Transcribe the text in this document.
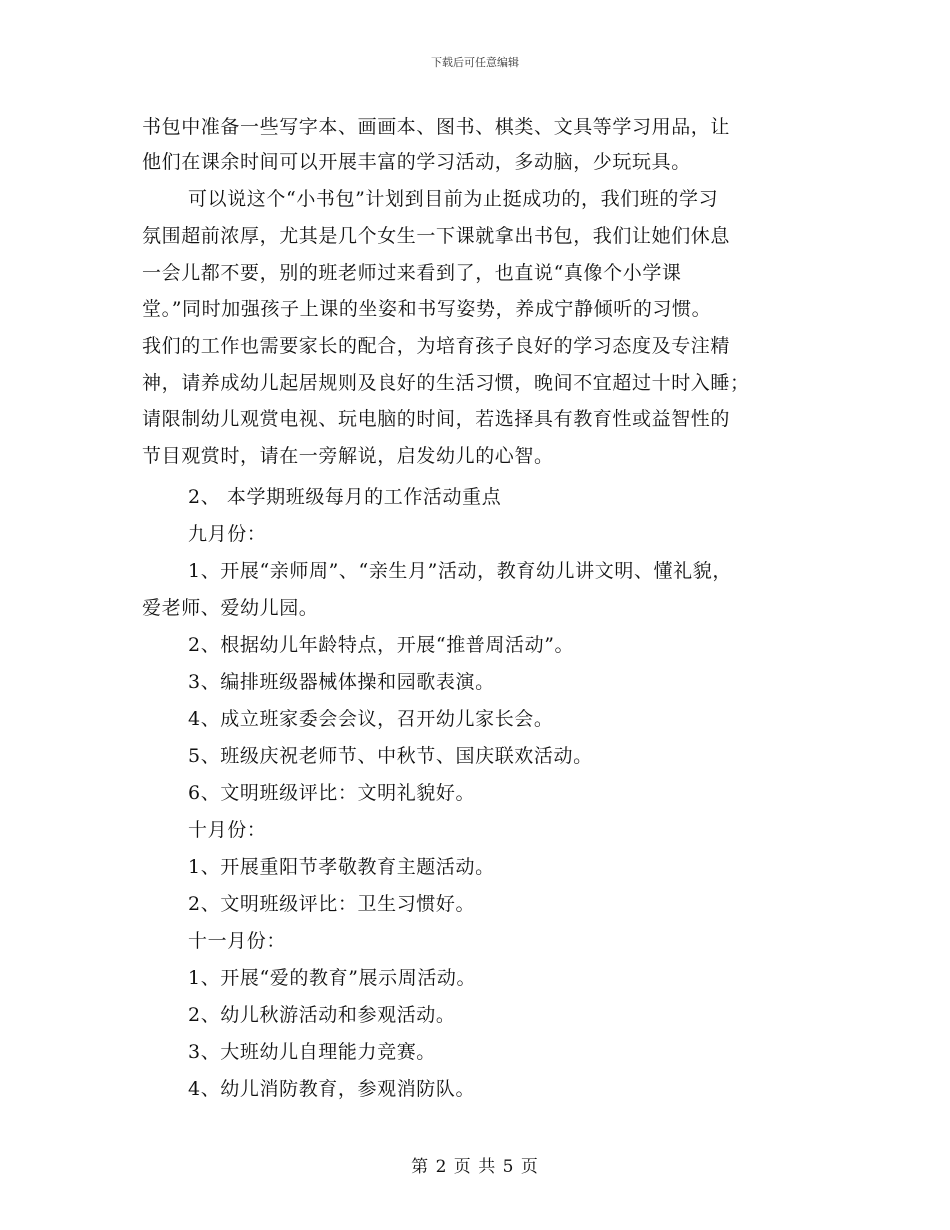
下载后可任意编辑
书包中准备一些写字本、画画本、图书、棋类、文具等学习用品，让
他们在课余时间可以开展丰富的学习活动，多动脑，少玩玩具。
可以说这个“小书包”计划到目前为止挺成功的，我们班的学习
氛围超前浓厚，尤其是几个女生一下课就拿出书包，我们让她们休息
一会儿都不要，别的班老师过来看到了，也直说“真像个小学课
堂。”同时加强孩子上课的坐姿和书写姿势，养成宁静倾听的习惯。
我们的工作也需要家长的配合，为培育孩子良好的学习态度及专注精
神，请养成幼儿起居规则及良好的生活习惯，晚间不宜超过十时入睡；
请限制幼儿观赏电视、玩电脑的时间，若选择具有教育性或益智性的
节目观赏时，请在一旁解说，启发幼儿的心智。
2、 本学期班级每月的工作活动重点
九月份：
1、开展“亲师周”、“亲生月”活动，教育幼儿讲文明、懂礼貌，
爱老师、爱幼儿园。
2、根据幼儿年龄特点，开展“推普周活动”。
3、编排班级器械体操和园歌表演。
4、成立班家委会会议，召开幼儿家长会。
5、班级庆祝老师节、中秋节、国庆联欢活动。
6、文明班级评比：文明礼貌好。
十月份：
1、开展重阳节孝敬教育主题活动。
2、文明班级评比：卫生习惯好。
十一月份：
1、开展“爱的教育”展示周活动。
2、幼儿秋游活动和参观活动。
3、大班幼儿自理能力竞赛。
4、幼儿消防教育，参观消防队。
第 2 页 共 5 页
